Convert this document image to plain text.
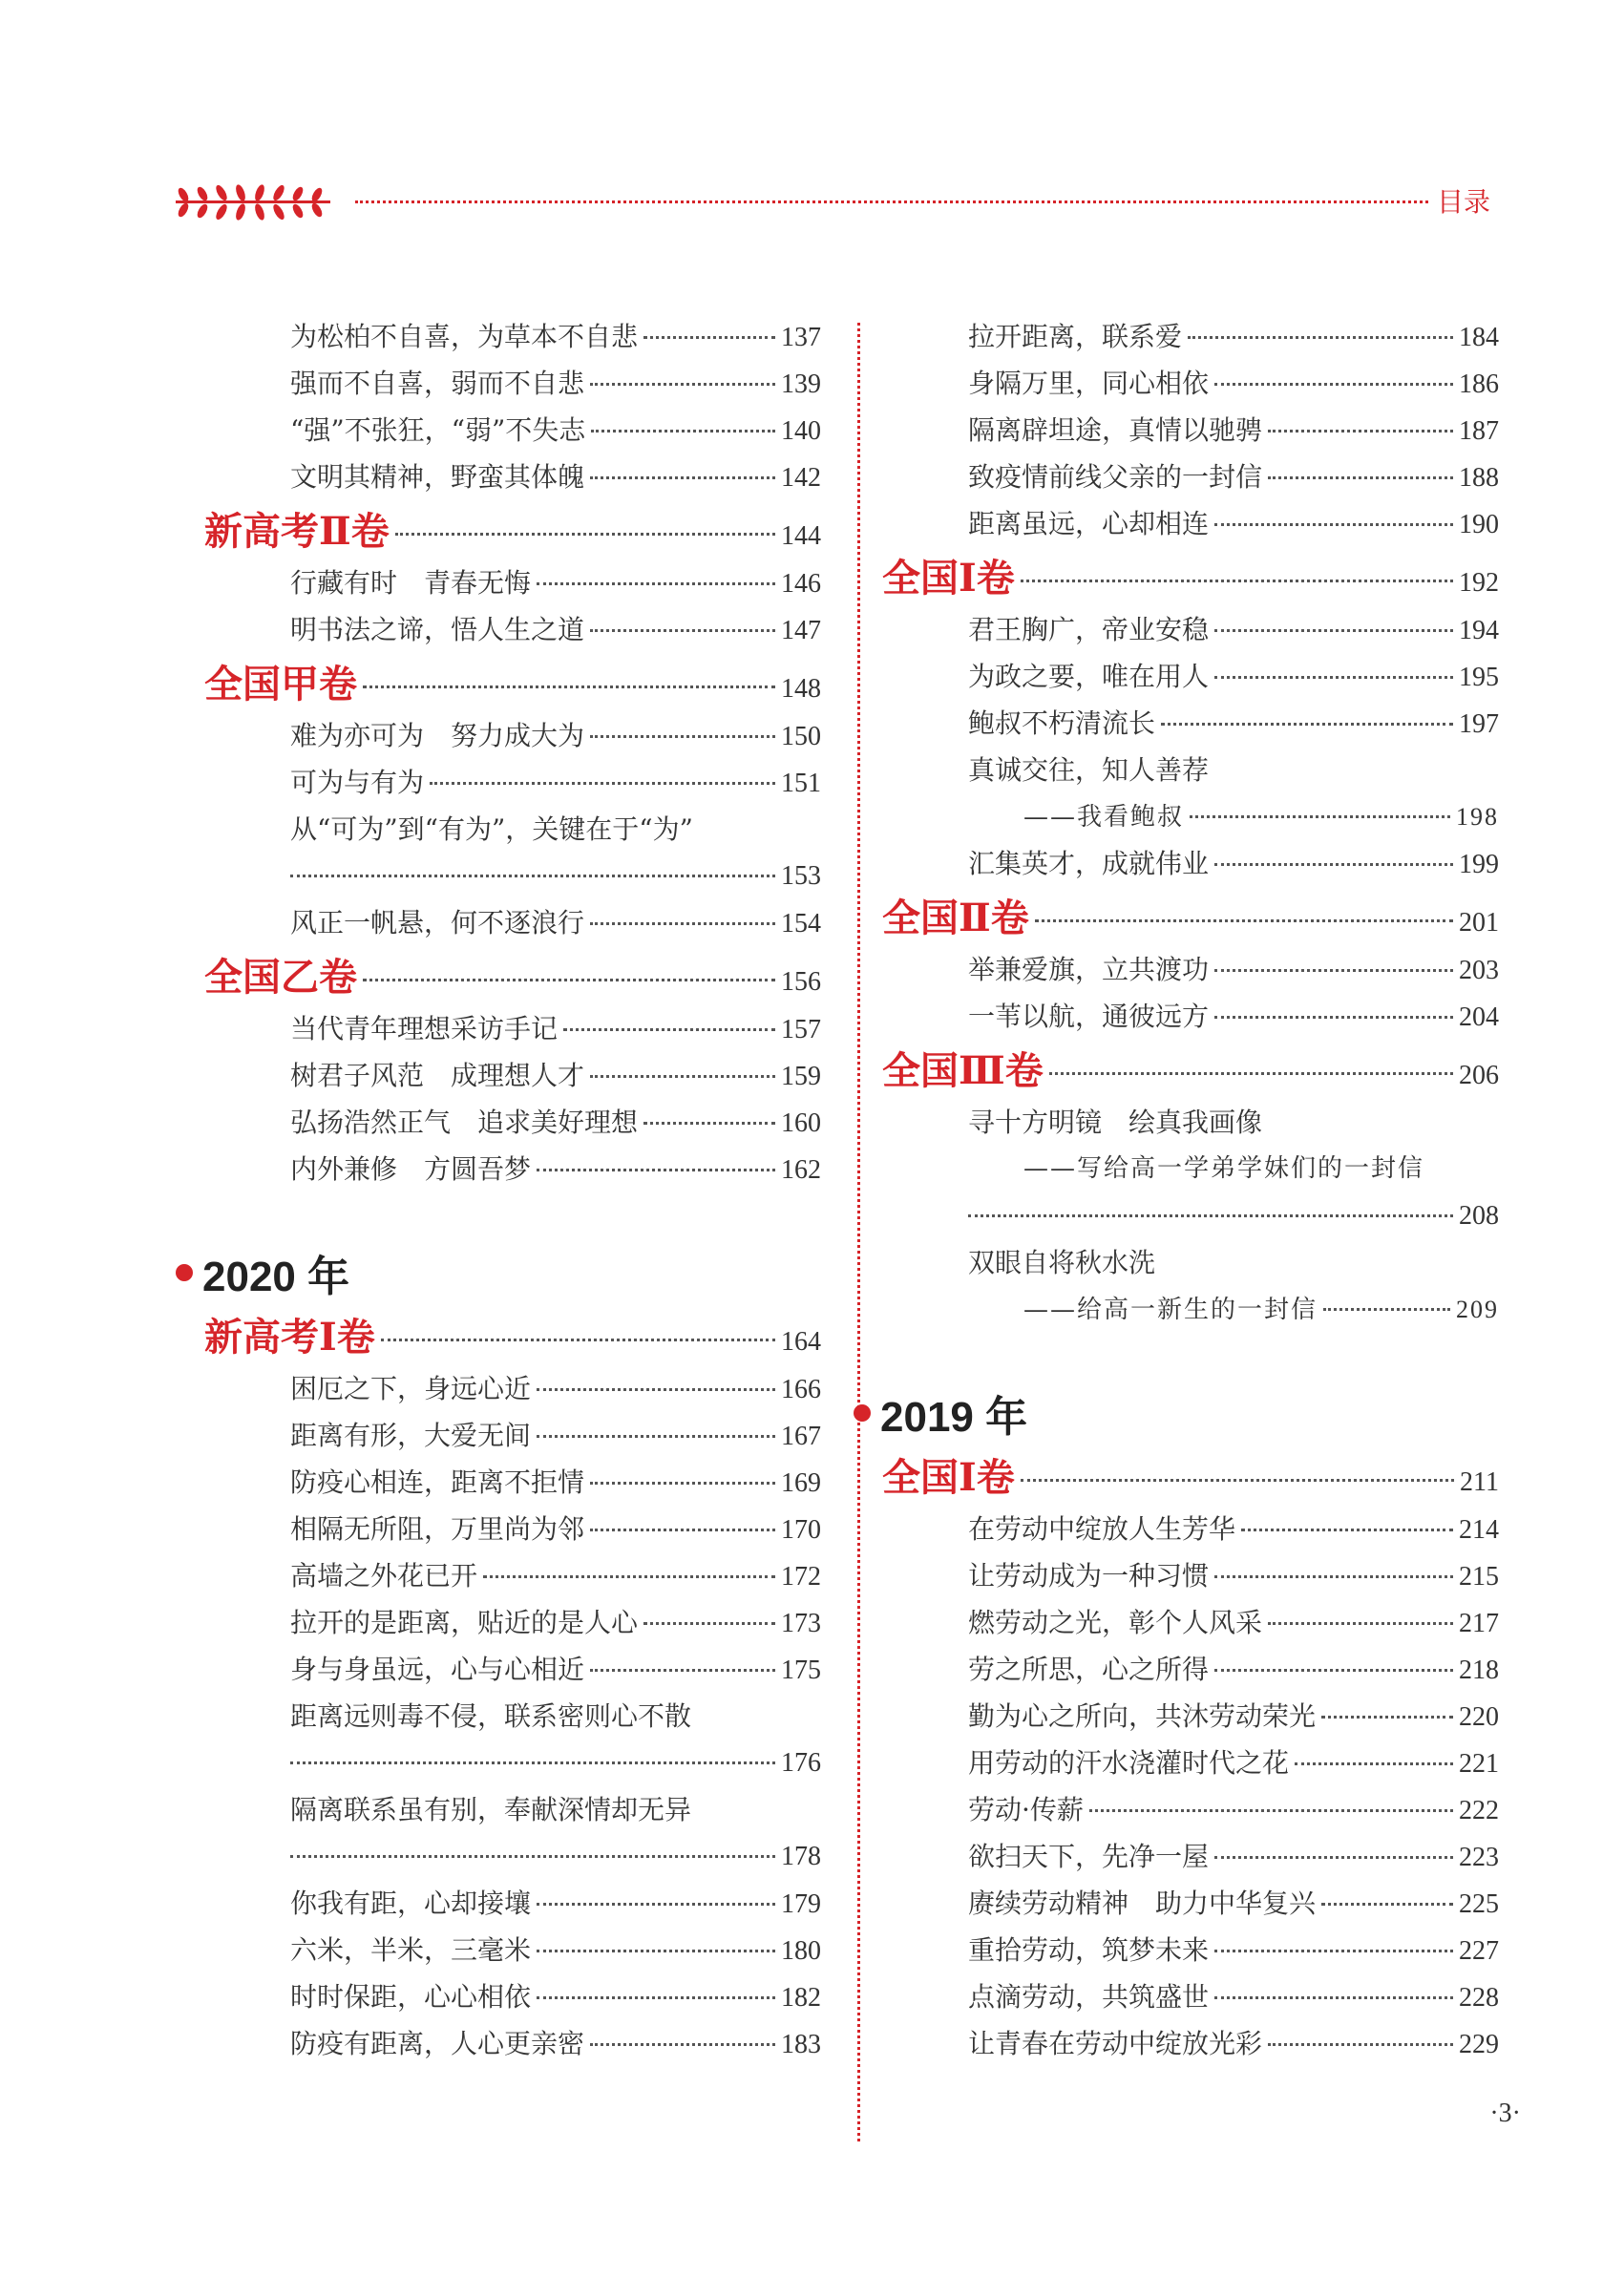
目录
为松柏不自喜，为草本不自悲	137
强而不自喜，弱而不自悲	139
“强”不张狂，“弱”不失志	140
文明其精神，野蛮其体魄	142
新高考Ⅱ卷	144
行藏有时　青春无悔	146
明书法之谛，悟人生之道	147
全国甲卷	148
难为亦可为　努力成大为	150
可为与有为	151
从“可为”到“有为”，关键在于“为”
153
风正一帆悬，何不逐浪行	154
全国乙卷	156
当代青年理想采访手记	157
树君子风范　成理想人才	159
弘扬浩然正气　追求美好理想	160
内外兼修　方圆吾梦	162
2020 年
新高考Ⅰ卷	164
困厄之下，身远心近	166
距离有形，大爱无间	167
防疫心相连，距离不拒情	169
相隔无所阻，万里尚为邻	170
高墙之外花已开	172
拉开的是距离，贴近的是人心	173
身与身虽远，心与心相近	175
距离远则毒不侵，联系密则心不散
176
隔离联系虽有别，奉献深情却无异
178
你我有距，心却接壤	179
六米，半米，三毫米	180
时时保距，心心相依	182
防疫有距离，人心更亲密	183
拉开距离，联系爱	184
身隔万里，同心相依	186
隔离辟坦途，真情以驰骋	187
致疫情前线父亲的一封信	188
距离虽远，心却相连	190
全国Ⅰ卷	192
君王胸广，帝业安稳	194
为政之要，唯在用人	195
鲍叔不朽清流长	197
真诚交往，知人善荐
——我看鲍叔	198
汇集英才，成就伟业	199
全国Ⅱ卷	201
举兼爱旗，立共渡功	203
一苇以航，通彼远方	204
全国Ⅲ卷	206
寻十方明镜　绘真我画像
——写给高一学弟学妹们的一封信
208
双眼自将秋水洗
——给高一新生的一封信	209
2019 年
全国Ⅰ卷	211
在劳动中绽放人生芳华	214
让劳动成为一种习惯	215
燃劳动之光，彰个人风采	217
劳之所思，心之所得	218
勤为心之所向，共沐劳动荣光	220
用劳动的汗水浇灌时代之花	221
劳动·传薪	222
欲扫天下，先净一屋	223
赓续劳动精神　助力中华复兴	225
重拾劳动，筑梦未来	227
点滴劳动，共筑盛世	228
让青春在劳动中绽放光彩	229
·3·
